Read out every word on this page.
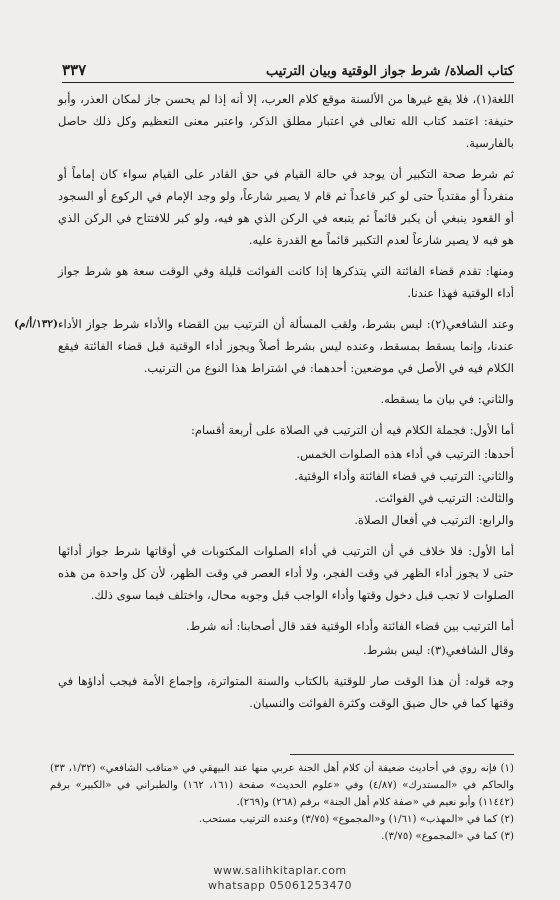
كتاب الصلاة/ شرط جواز الوقتية وبيان الترتيب
٣٣٧

اللغة(١)، فلا يقع غيرها من الألسنة موقع كلام العرب، إلا أنه إذا لم يحسن جاز لمكان العذر، وأبو حنيفة: اعتمد كتاب الله تعالى في اعتبار مطلق الذكر، واعتبر معنى التعظيم وكل ذلك حاصل بالفارسية.

ثم شرط صحة التكبير أن يوجد في حالة القيام في حق القادر على القيام سواء كان إماماً أو منفرداً أو مقتدياً حتى لو كبر قاعداً ثم قام لا يصير شارعاً، ولو وجد الإمام في الركوع أو السجود أو القعود ينبغي أن يكبر قائماً ثم يتبعه في الركن الذي هو فيه، ولو كبر للافتتاح في الركن الذي هو فيه لا يصير شارعاً لعدم التكبير قائماً مع القدرة عليه.

ومنها: تقدم قضاء الفائتة التي يتذكرها إذا كانت الفوائت قليلة وفي الوقت سعة هو شرط جواز أداء الوقتية فهذا عندنا.

وعند الشافعي(٢): ليس بشرط، ولقب المسألة أن الترتيب بين القضاء والأداء شرط جواز الأداء عندنا، وإنما يسقط بمسقط، وعنده ليس بشرط أصلاً ويجوز أداء الوقتية قبل قضاء الفائتة فيقع الكلام فيه في الأصل في موضعين: أحدهما: في اشتراط هذا النوع من الترتيب.
(١٣٢/أ/م)

والثاني: في بيان ما يسقطه.

أما الأول: فجملة الكلام فيه أن الترتيب في الصلاة على أربعة أقسام:

أحدها: الترتيب في أداء هذه الصلوات الخمس.

والثاني: الترتيب في قضاء الفائتة وأداء الوقتية.

والثالث: الترتيب في الفوائت.

والرابع: الترتيب في أفعال الصلاة.

أما الأول: فلا خلاف في أن الترتيب في أداء الصلوات المكتوبات في أوقاتها شرط جواز أدائها حتى لا يجوز أداء الظهر في وقت الفجر، ولا أداء العصر في وقت الظهر، لأن كل واحدة من هذه الصلوات لا تجب قبل دخول وقتها وأداء الواجب قبل وجوبه محال، واختلف فيما سوى ذلك.

أما الترتيب بين قضاء الفائتة وأداء الوقتية فقد قال أصحابنا: أنه شرط.

وقال الشافعي(٣): ليس بشرط.

وجه قوله: أن هذا الوقت صار للوقتية بالكتاب والسنة المتواترة، وإجماع الأمة فيجب أداؤها في وقتها كما في حال ضيق الوقت وكثرة الفوائت والنسيان.

(١) فإنه روي في أحاديث ضعيفة أن كلام أهل الجنة عربي منها عند البيهقي في «مناقب الشافعي» (١/٣٢، ٣٣) والحاكم في «المستدرك» (٤/٨٧) وفي «علوم الحديث» صفحة (١٦١، ١٦٢) والطبراني في «الكبير» برقم (١١٤٤٢) وأبو نعيم في «صفة كلام أهل الجنة» برقم (٢٦٨) و(٢٦٩).

(٢) كما في «المهذب» (١/٦١) و«المجموع» (٣/٧٥) وعنده الترتيب مستحب.

(٣) كما في «المجموع» (٣/٧٥).

www.salihkitaplar.com
whatsapp 05061253470
